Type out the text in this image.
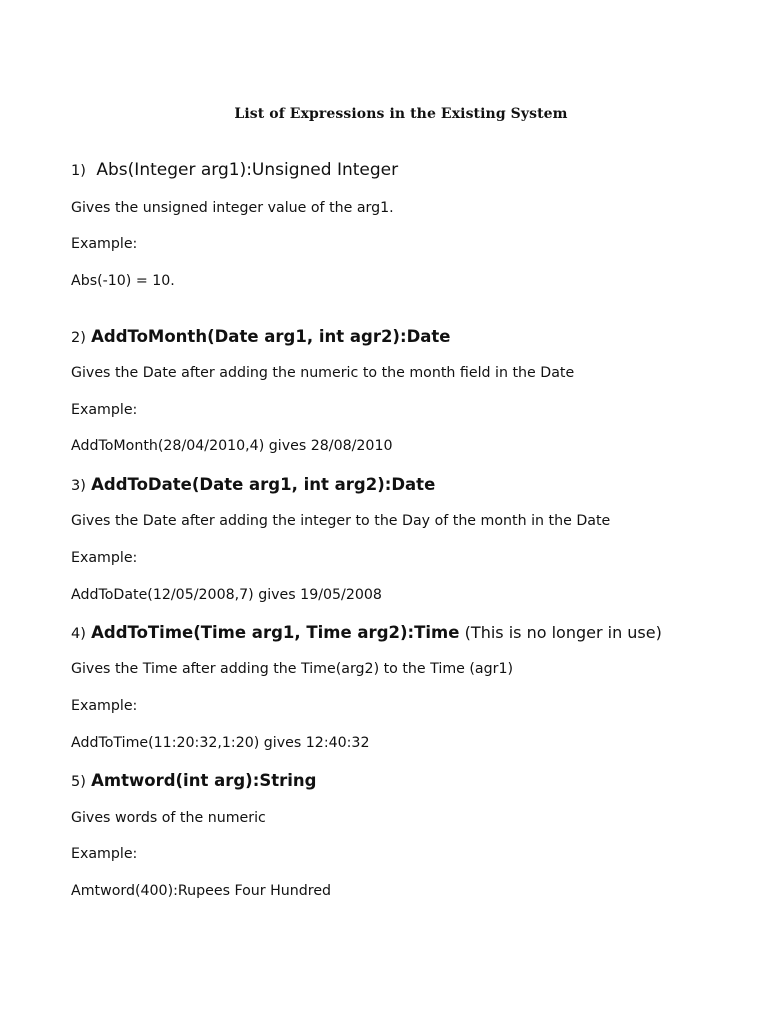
List of Expressions in the Existing System
1) Abs(Integer arg1):Unsigned Integer
Gives the unsigned integer value of the arg1.
Example:
Abs(-10) = 10.
2) AddToMonth(Date arg1, int agr2):Date
Gives the Date after adding the numeric to the month field in the Date
Example:
AddToMonth(28/04/2010,4) gives 28/08/2010
3) AddToDate(Date arg1, int arg2):Date
Gives the Date after adding the integer to the Day of the month in the Date
Example:
AddToDate(12/05/2008,7) gives 19/05/2008
4) AddToTime(Time arg1, Time arg2):Time (This is no longer in use)
Gives the Time after adding the Time(arg2) to the Time (agr1)
Example:
AddToTime(11:20:32,1:20) gives 12:40:32
5) Amtword(int arg):String
Gives words of the numeric
Example:
Amtword(400):Rupees Four Hundred
